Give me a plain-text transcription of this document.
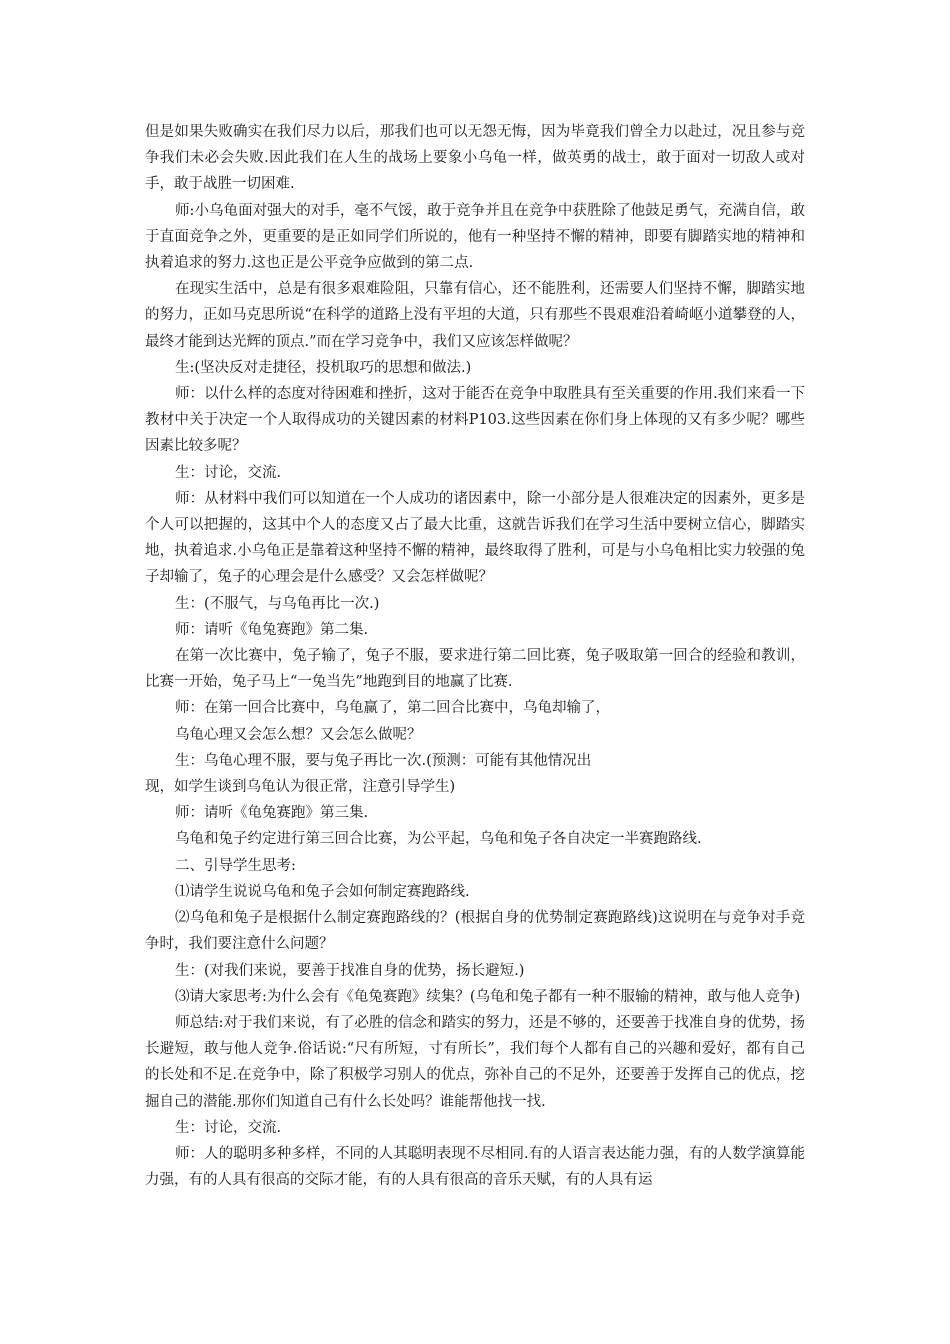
但是如果失败确实在我们尽力以后，那我们也可以无怨无悔，因为毕竟我们曾全力以赴过，况且参与竞争我们未必会失败.因此我们在人生的战场上要象小乌龟一样，做英勇的战士，敢于面对一切敌人或对手，敢于战胜一切困难.

师:小乌龟面对强大的对手，毫不气馁，敢于竞争并且在竞争中获胜除了他鼓足勇气，充满自信，敢于直面竞争之外，更重要的是正如同学们所说的，他有一种坚持不懈的精神，即要有脚踏实地的精神和执着追求的努力.这也正是公平竞争应做到的第二点.

在现实生活中，总是有很多艰难险阻，只靠有信心，还不能胜利，还需要人们坚持不懈，脚踏实地的努力，正如马克思所说“在科学的道路上没有平坦的大道，只有那些不畏艰难沿着崎岖小道攀登的人，最终才能到达光辉的顶点.”而在学习竞争中，我们又应该怎样做呢？

生:(坚决反对走捷径，投机取巧的思想和做法.)

师：以什么样的态度对待困难和挫折，这对于能否在竞争中取胜具有至关重要的作用.我们来看一下教材中关于决定一个人取得成功的关键因素的材料P103.这些因素在你们身上体现的又有多少呢？哪些因素比较多呢？

生：讨论，交流.

师：从材料中我们可以知道在一个人成功的诸因素中，除一小部分是人很难决定的因素外，更多是个人可以把握的，这其中个人的态度又占了最大比重，这就告诉我们在学习生活中要树立信心，脚踏实地，执着追求.小乌龟正是靠着这种坚持不懈的精神，最终取得了胜利，可是与小乌龟相比实力较强的兔子却输了，兔子的心理会是什么感受？又会怎样做呢？

生：(不服气，与乌龟再比一次.)

师：请听《龟兔赛跑》第二集.

在第一次比赛中，兔子输了，兔子不服，要求进行第二回比赛，兔子吸取第一回合的经验和教训，比赛一开始，兔子马上“一兔当先”地跑到目的地赢了比赛.

师：在第一回合比赛中，乌龟赢了，第二回合比赛中，乌龟却输了，

乌龟心理又会怎么想？又会怎么做呢？

生：乌龟心理不服，要与兔子再比一次.(预测：可能有其他情况出

现，如学生谈到乌龟认为很正常，注意引导学生)

师：请听《龟兔赛跑》第三集.

乌龟和兔子约定进行第三回合比赛，为公平起，乌龟和兔子各自决定一半赛跑路线.

二、引导学生思考:

⑴请学生说说乌龟和兔子会如何制定赛跑路线.

⑵乌龟和兔子是根据什么制定赛跑路线的？(根据自身的优势制定赛跑路线)这说明在与竞争对手竞争时，我们要注意什么问题？

生：(对我们来说，要善于找准自身的优势，扬长避短.)

⑶请大家思考:为什么会有《龟兔赛跑》续集？(乌龟和兔子都有一种不服输的精神，敢与他人竞争)

师总结:对于我们来说，有了必胜的信念和踏实的努力，还是不够的，还要善于找准自身的优势，扬长避短，敢与他人竞争.俗话说:“尺有所短，寸有所长”，我们每个人都有自己的兴趣和爱好，都有自己的长处和不足.在竞争中，除了积极学习别人的优点，弥补自己的不足外，还要善于发挥自己的优点，挖掘自己的潜能.那你们知道自己有什么长处吗？谁能帮他找一找.

生：讨论，交流.

师：人的聪明多种多样，不同的人其聪明表现不尽相同.有的人语言表达能力强，有的人数学演算能力强，有的人具有很高的交际才能，有的人具有很高的音乐天赋，有的人具有运
